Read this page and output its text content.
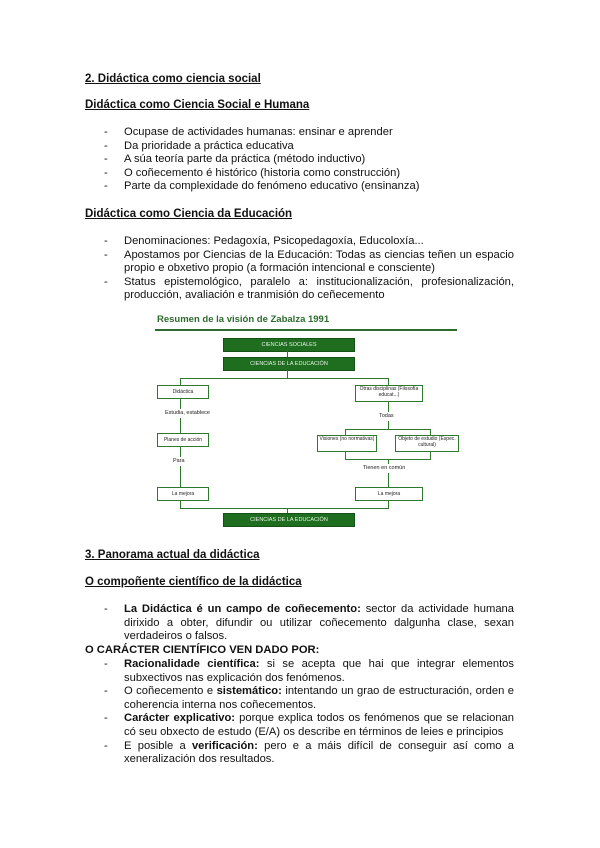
2. Didáctica como ciencia social
Didáctica como Ciencia Social e Humana
- Ocupase de actividades humanas: ensinar e aprender
- Da prioridade a práctica educativa
- A súa teoría parte da práctica (método inductivo)
- O coñecemento é histórico (historia como construcción)
- Parte da complexidade do fenómeno educativo (ensinanza)
Didáctica como Ciencia da Educación
- Denominaciones: Pedagoxía, Psicopedagoxía, Educoloxía...
- Apostamos por Ciencias de la Educación: Todas as ciencias teñen un espacio propio e obxetivo propio (a formación intencional e consciente)
- Status epistemológico, paralelo a: institucionalización, profesionalización, producción, avaliación e tranmisión do ceñecemento
Resumen de la visión de Zabalza 1991
CIENCIAS SOCIALES
CIENCIAS DE LA EDUCACIÓN
Didáctica
Estudia, establece
Planes de acción
Para
La mejora
Otras disciplinas (Filosofía educat...)
Todas
Visiones (no normativas)	Objeto de estudio (Espec. cultural)
Tienen en común
La mejora
CIENCIAS DE LA EDUCACIÓN
3. Panorama actual da didáctica
O compoñente científico de la didáctica
- La Didáctica é un campo de coñecemento: sector da actividade humana dirixido a obter, difundir ou utilizar coñecemento dalgunha clase, sexan verdadeiros o falsos.
O CARÁCTER CIENTÍFICO VEN DADO POR:
- Racionalidade científica: si se acepta que hai que integrar elementos subxectivos nas explicación dos fenómenos.
- O coñecemento e sistemático: intentando un grao de estructuración, orden e coherencia interna nos coñecementos.
- Carácter explicativo: porque explica todos os fenómenos que se relacionan có seu obxecto de estudo (E/A) os describe en términos de leies e principios
- E posible a verificación: pero e a máis difícil de conseguir así como a xeneralización dos resultados.
